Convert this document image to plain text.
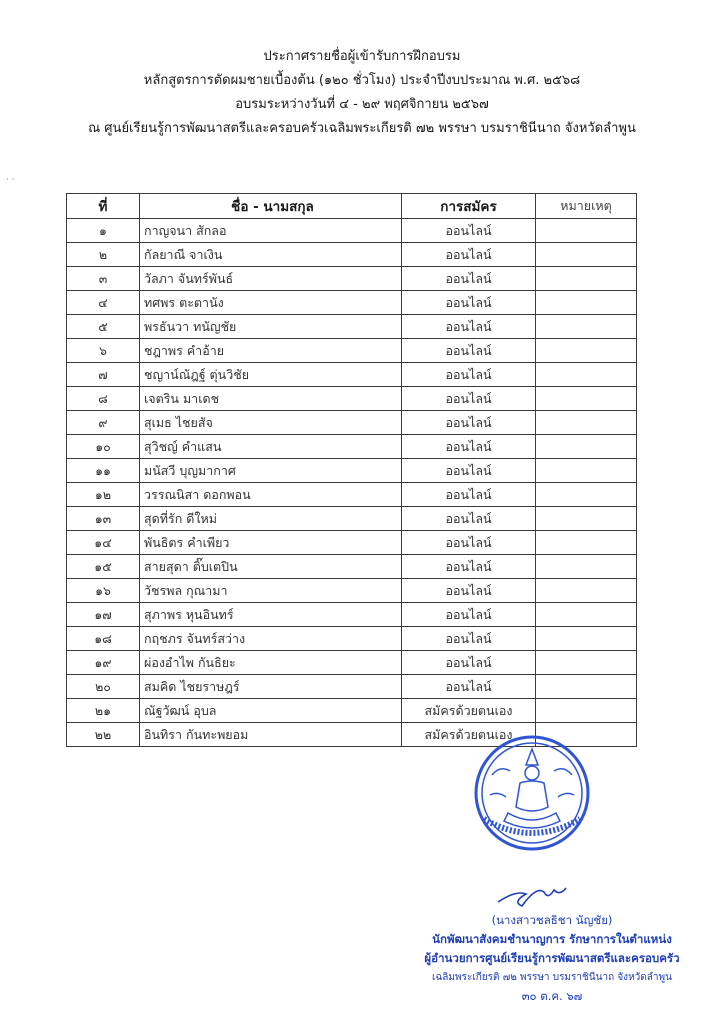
ประกาศรายชื่อผู้เข้ารับการฝึกอบรม
หลักสูตรการตัดผมชายเบื้องต้น (๑๒๐ ชั่วโมง) ประจำปีงบประมาณ พ.ศ. ๒๕๖๘
อบรมระหว่างวันที่ ๔ - ๒๙ พฤศจิกายน ๒๕๖๗
ณ ศูนย์เรียนรู้การพัฒนาสตรีและครอบครัวเฉลิมพระเกียรติ ๗๒ พรรษา บรมราชินีนาถ จังหวัดลำพูน
· ·
ที่	ชื่อ - นามสกุล	การสมัคร	หมายเหตุ
๑	กาญจนา สักลอ	ออนไลน์	
๒	กัลยาณี จาเงิน	ออนไลน์	
๓	วัลภา จันทร์พันธ์	ออนไลน์	
๔	ทศพร ตะตานัง	ออนไลน์	
๕	พรธันวา ทนัญชัย	ออนไลน์	
๖	ชฎาพร คำอ้าย	ออนไลน์	
๗	ชญาน์ณัฎฐ์ ตุ่นวิชัย	ออนไลน์	
๘	เจตริน มาเดช	ออนไลน์	
๙	สุเมธ ไชยสัจ	ออนไลน์	
๑๐	สุวิชญ์ คำแสน	ออนไลน์	
๑๑	มนัสวี บุญมากาศ	ออนไลน์	
๑๒	วรรณนิสา ดอกพอน	ออนไลน์	
๑๓	สุดที่รัก ดีใหม่	ออนไลน์	
๑๔	พันธิตร คำเพียว	ออนไลน์	
๑๕	สายสุดา ติ๊บเตปิน	ออนไลน์	
๑๖	วัชรพล กุณามา	ออนไลน์	
๑๗	สุภาพร หุนอินทร์	ออนไลน์	
๑๘	กฤชภร จันทร์สว่าง	ออนไลน์	
๑๙	ผ่องอำไพ กันธิยะ	ออนไลน์	
๒๐	สมคิด ไชยราษฎร์	ออนไลน์	
๒๑	ณัฐวัฒน์ อุบล	สมัครด้วยตนเอง	
๒๒	อินทิรา กันทะพยอม	สมัครด้วยตนเอง	
(นางสาวชลธิชา นัญชัย)
นักพัฒนาสังคมชำนาญการ รักษาการในตำแหน่ง
ผู้อำนวยการศูนย์เรียนรู้การพัฒนาสตรีและครอบครัว
เฉลิมพระเกียรติ ๗๒ พรรษา บรมราชินีนาถ จังหวัดลำพูน
๓๐ ต.ค. ๖๗
